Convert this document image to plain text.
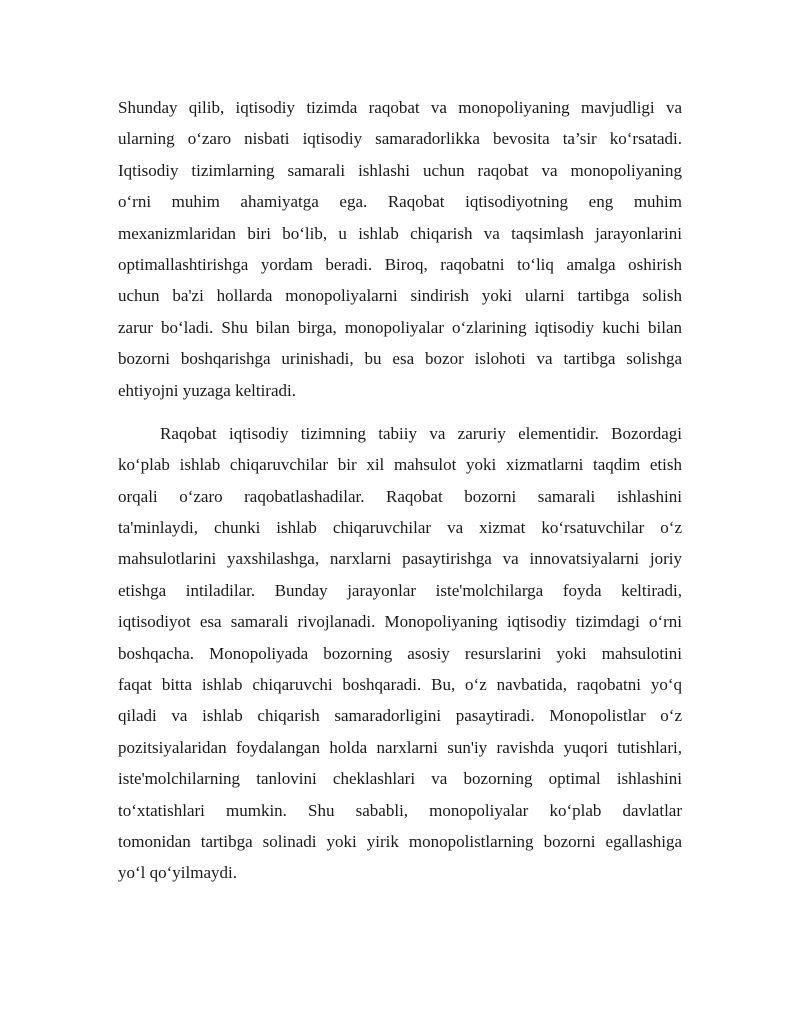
Shunday qilib, iqtisodiy tizimda raqobat va monopoliyaning mavjudligi va
ularning o‘zaro nisbati iqtisodiy samaradorlikka bevosita ta’sir ko‘rsatadi.
Iqtisodiy tizimlarning samarali ishlashi uchun raqobat va monopoliyaning
o‘rni muhim ahamiyatga ega. Raqobat iqtisodiyotning eng muhim
mexanizmlaridan biri bo‘lib, u ishlab chiqarish va taqsimlash jarayonlarini
optimallashtirishga yordam beradi. Biroq, raqobatni to‘liq amalga oshirish
uchun ba'zi hollarda monopoliyalarni sindirish yoki ularni tartibga solish
zarur bo‘ladi. Shu bilan birga, monopoliyalar o‘zlarining iqtisodiy kuchi bilan
bozorni boshqarishga urinishadi, bu esa bozor islohoti va tartibga solishga
ehtiyojni yuzaga keltiradi.
Raqobat iqtisodiy tizimning tabiiy va zaruriy elementidir. Bozordagi
ko‘plab ishlab chiqaruvchilar bir xil mahsulot yoki xizmatlarni taqdim etish
orqali o‘zaro raqobatlashadilar. Raqobat bozorni samarali ishlashini
ta'minlaydi, chunki ishlab chiqaruvchilar va xizmat ko‘rsatuvchilar o‘z
mahsulotlarini yaxshilashga, narxlarni pasaytirishga va innovatsiyalarni joriy
etishga intiladilar. Bunday jarayonlar iste'molchilarga foyda keltiradi,
iqtisodiyot esa samarali rivojlanadi. Monopoliyaning iqtisodiy tizimdagi o‘rni
boshqacha. Monopoliyada bozorning asosiy resurslarini yoki mahsulotini
faqat bitta ishlab chiqaruvchi boshqaradi. Bu, o‘z navbatida, raqobatni yo‘q
qiladi va ishlab chiqarish samaradorligini pasaytiradi. Monopolistlar o‘z
pozitsiyalaridan foydalangan holda narxlarni sun'iy ravishda yuqori tutishlari,
iste'molchilarning tanlovini cheklashlari va bozorning optimal ishlashini
to‘xtatishlari mumkin. Shu sababli, monopoliyalar ko‘plab davlatlar
tomonidan tartibga solinadi yoki yirik monopolistlarning bozorni egallashiga
yo‘l qo‘yilmaydi.
